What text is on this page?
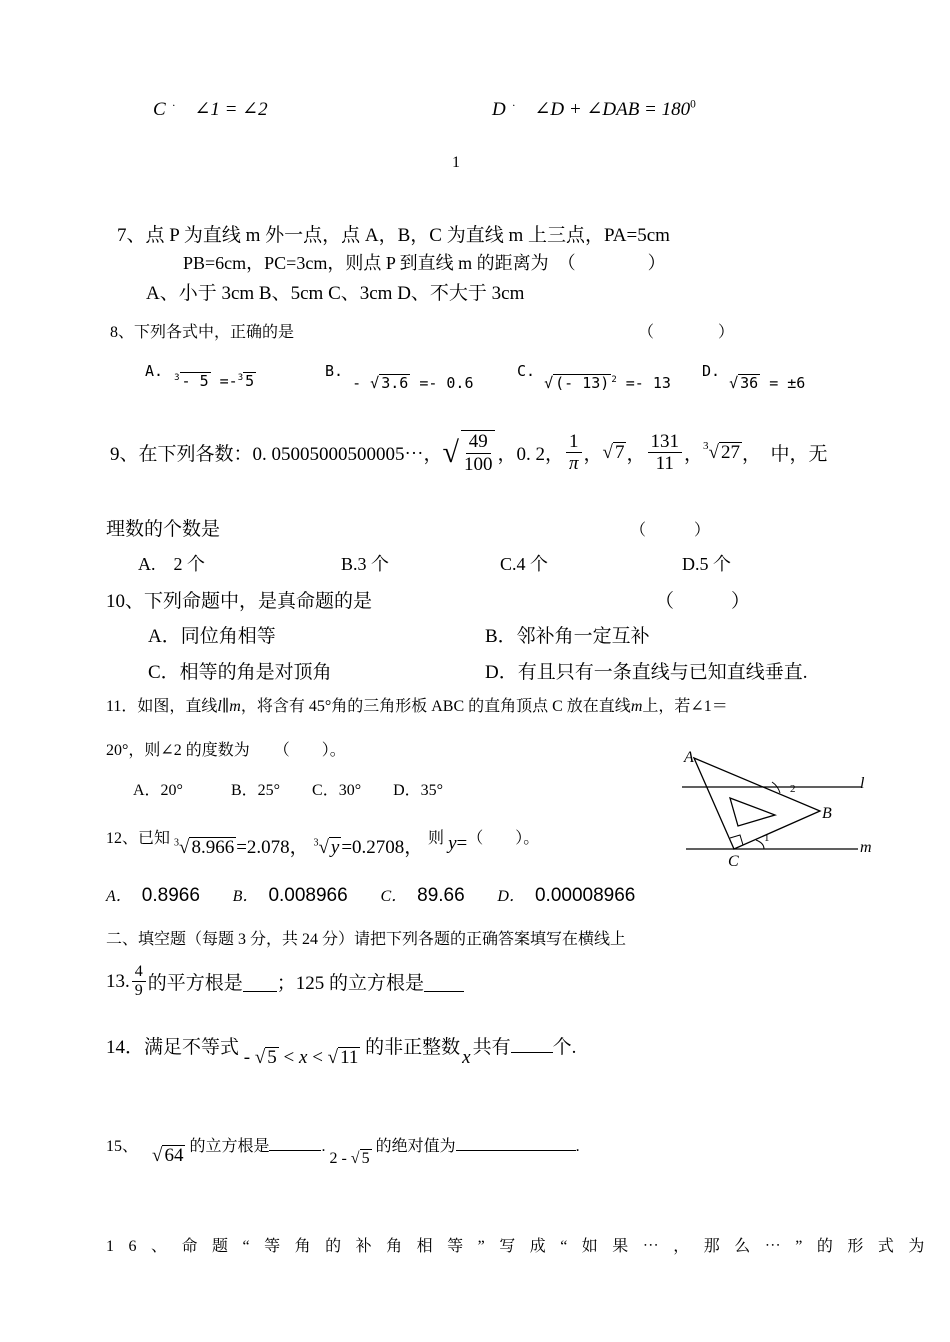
C · ∠1 = ∠2	D · ∠D + ∠DAB = $180^0$
1
7、点 P 为直线 m 外一点，点 A，B，C 为直线 m 上三点，PA=5cm
PB=6cm，PC=3cm，则点 P 到直线 m 的距离为　（　　　　）
A、小于 3cm B、5cm C、3cm D、不大于 3cm
8、下列各式中，正确的是	（　　　　）
A. $^3$ - 5 =-$^3$ 5
B. - √ 3.6 =- 0.6
C. √ (- 13) $^2$ =- 13
D. √ 36 = ±6
9、在下列各数：0. 05005000500005⋯， √ $\frac{49}{100}$ ，0. 2， $\frac{1}{\pi}$ ， √ 7 ， $\frac{131}{11}$ ，$^3$ √ 27 ，　中，无
理数的个数是	（　　　）
A.　2 个	B.3 个	C.4 个	D.5 个
10、下列命题中，是真命题的是	（　　　）
A．同位角相等	B．邻补角一定互补
C．相等的角是对顶角	D．有且只有一条直线与已知直线垂直.
11．如图，直线l∥m，将含有 45°角的三角形板 ABC 的直角顶点 C 放在直线m上，若∠1＝
20°，则∠2 的度数为　　（　　）。
A．20°　　　B．25°　　C．30°　　D．35°
A
B
C
l
m
1
2
12、已知 $^3$√ 8.966 =2.078， $^3$√ y =0.2708， 则 y=（　　）。
A． 0.8966 B． 0.008966 C． 89.66 D． 0.00008966
二、填空题（每题 3 分，共 24 分）请把下列各题的正确答案填写在横线上
13. $\frac{4}{9}$ 的平方根是 ；125 的立方根是
14．满足不等式 - √ 5 < x < √ 11 的非正整数 x 共有 个.
15、 √ 64 的立方根是	. 2 - √ 5 的绝对值为	.
16、命题“等角的补角相等”写成“如果⋯，那么⋯”的形式为
